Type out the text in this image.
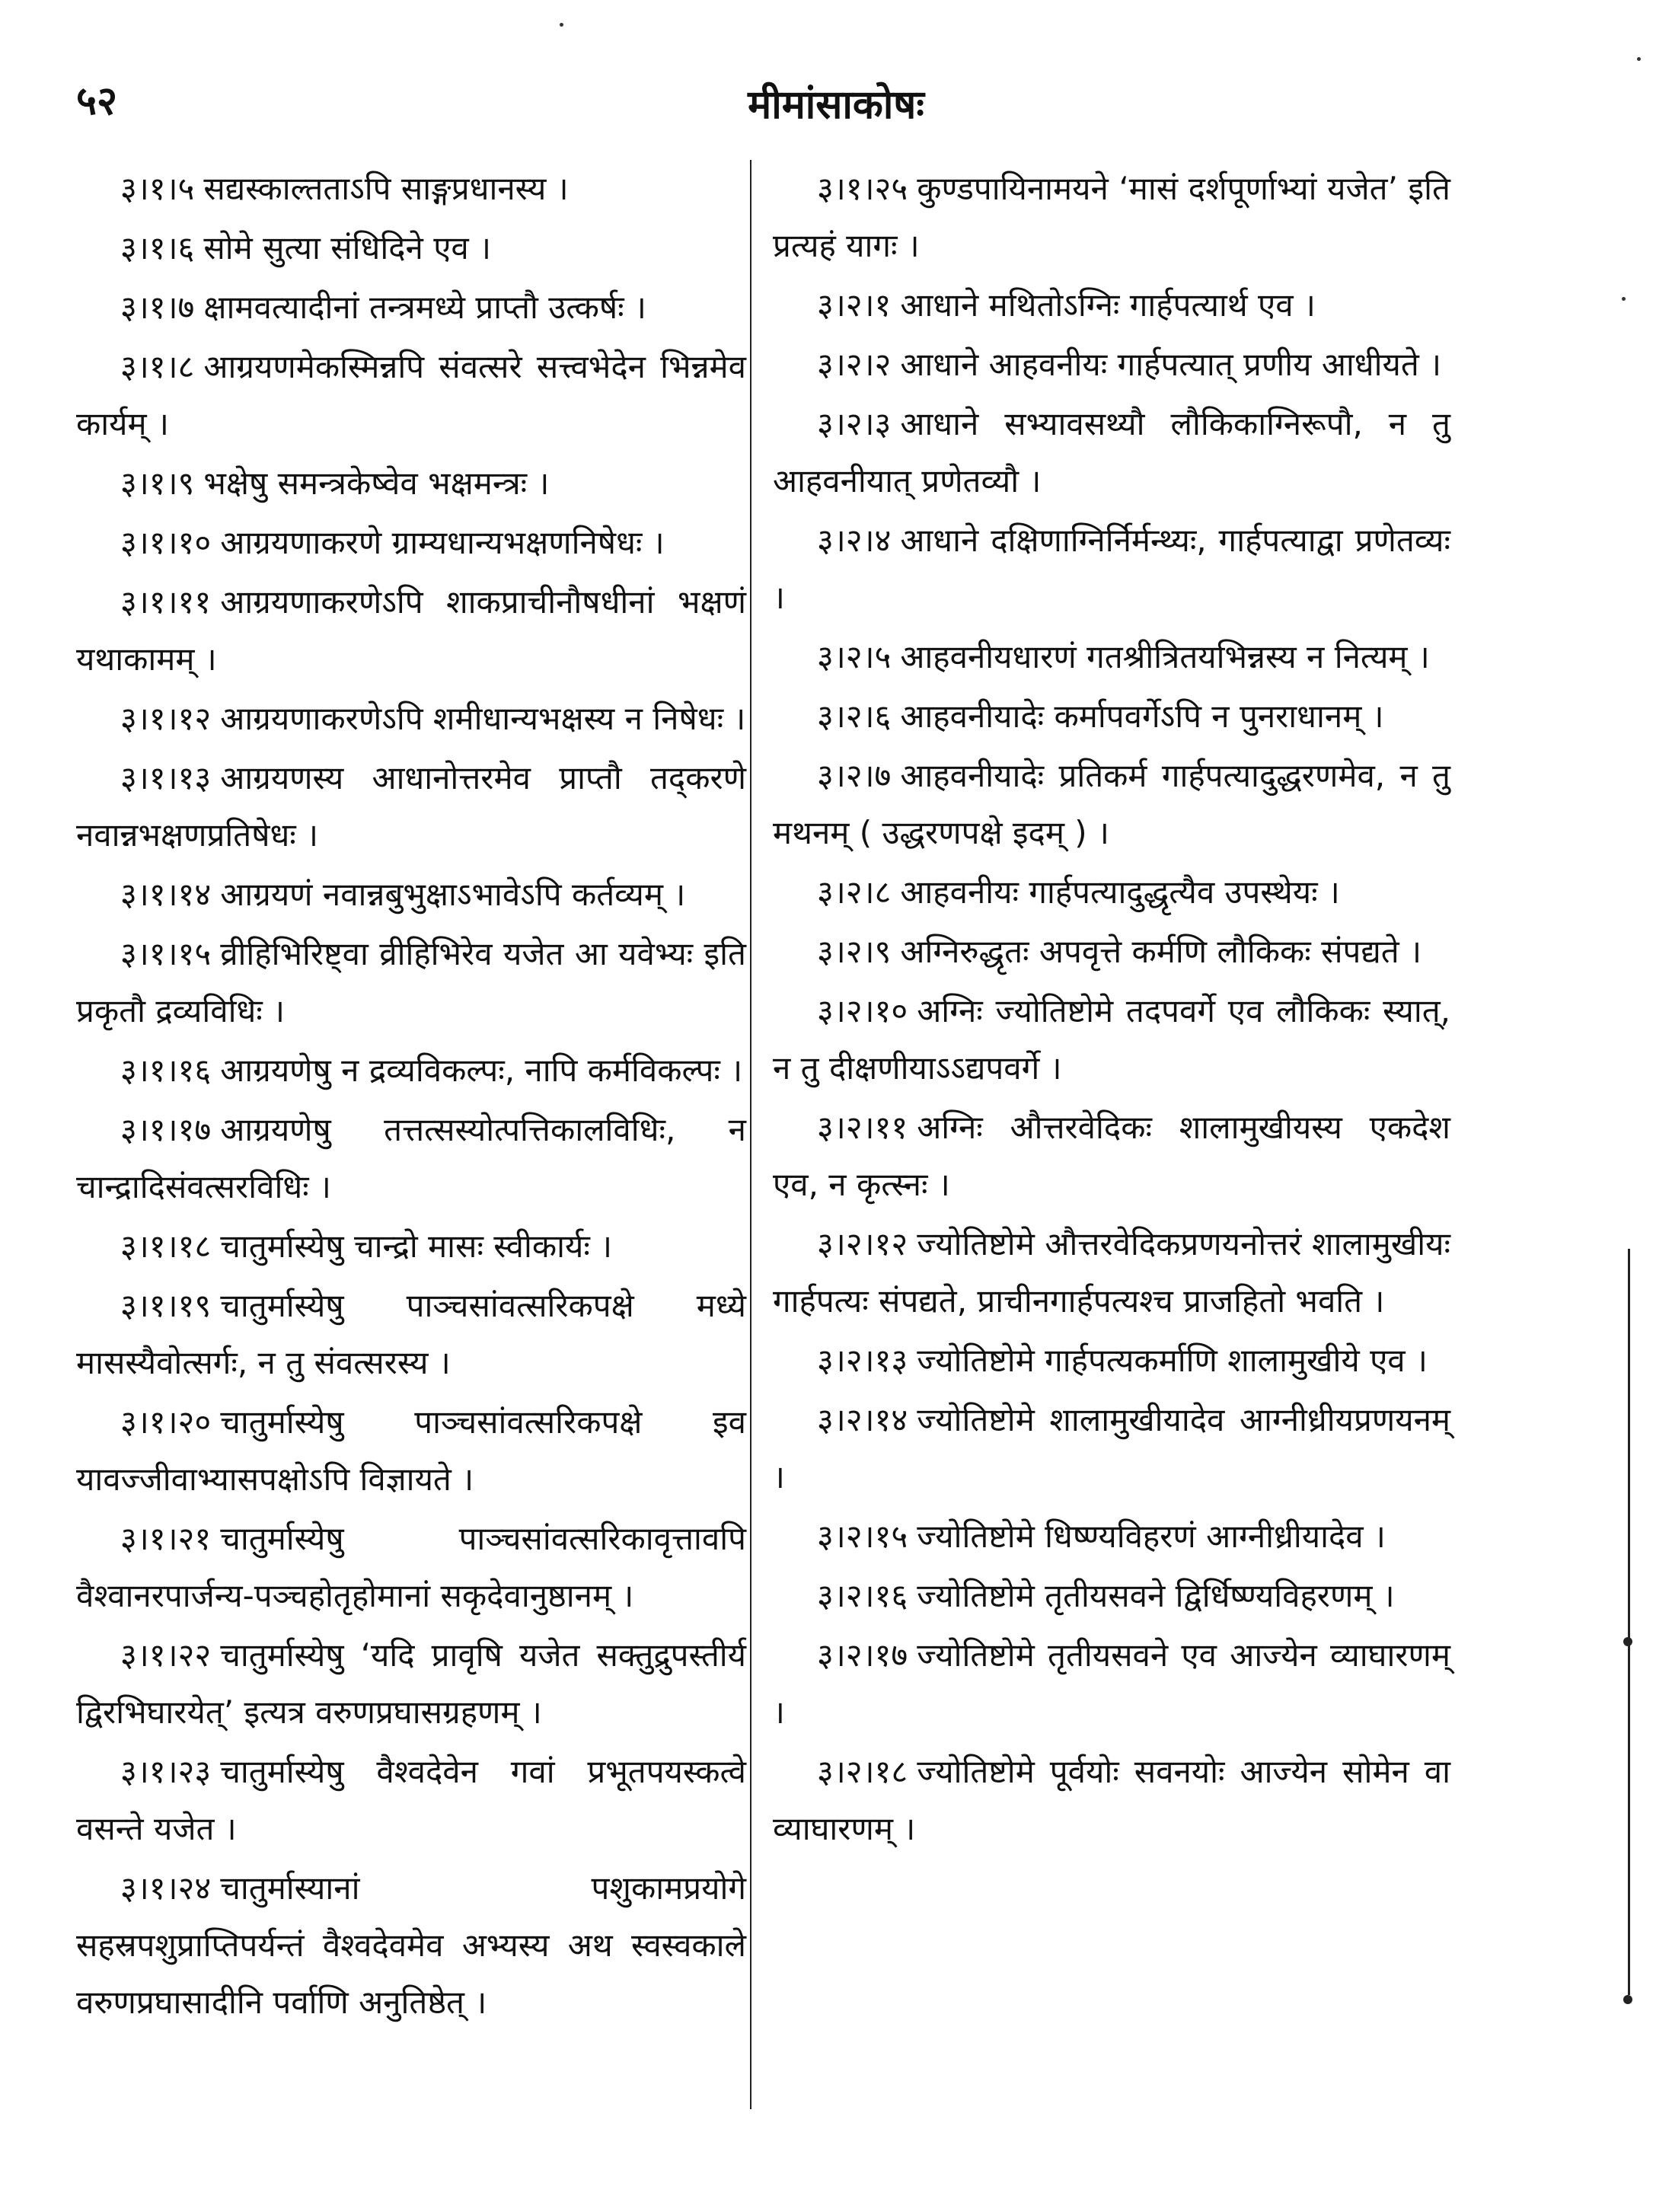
५२	मीमांसाकोषः

३।१।५ सद्यस्काल्तताऽपि साङ्गप्रधानस्य ।

३।१।६ सोमे सुत्या संधिदिने एव ।

३।१।७ क्षामवत्यादीनां तन्त्रमध्ये प्राप्तौ उत्कर्षः ।

३।१।८ आग्रयणमेकस्मिन्नपि संवत्सरे सत्त्वभेदेन भिन्नमेव कार्यम् ।

३।१।९ भक्षेषु समन्त्रकेष्वेव भक्षमन्त्रः ।

३।१।१० आग्रयणाकरणे ग्राम्यधान्यभक्षणनिषेधः ।

३।१।११ आग्रयणाकरणेऽपि शाकप्राचीनौषधीनां भक्षणं यथाकामम् ।

३।१।१२ आग्रयणाकरणेऽपि शमीधान्यभक्षस्य न निषेधः ।

३।१।१३ आग्रयणस्य आधानोत्तरमेव प्राप्तौ तद्करणे नवान्नभक्षणप्रतिषेधः ।

३।१।१४ आग्रयणं नवान्नबुभुक्षाऽभावेऽपि कर्तव्यम् ।

३।१।१५ व्रीहिभिरिष्ट्वा व्रीहिभिरेव यजेत आ यवेभ्यः इति प्रकृतौ द्रव्यविधिः ।

३।१।१६ आग्रयणेषु न द्रव्यविकल्पः, नापि कर्मविकल्पः ।

३।१।१७ आग्रयणेषु तत्तत्सस्योत्पत्तिकालविधिः, न चान्द्रादिसंवत्सरविधिः ।

३।१।१८ चातुर्मास्येषु चान्द्रो मासः स्वीकार्यः ।

३।१।१९ चातुर्मास्येषु पाञ्चसांवत्सरिकपक्षे मध्ये मासस्यैवोत्सर्गः, न तु संवत्सरस्य ।

३।१।२० चातुर्मास्येषु पाञ्चसांवत्सरिकपक्षे इव यावज्जीवाभ्यासपक्षोऽपि विज्ञायते ।

३।१।२१ चातुर्मास्येषु पाञ्चसांवत्सरिकावृत्तावपि वैश्वानरपार्जन्य-पञ्चहोतृहोमानां सकृदेवानुष्ठानम् ।

३।१।२२ चातुर्मास्येषु ‘यदि प्रावृषि यजेत सक्तुद्रुपस्तीर्य द्विरभिघारयेत्’ इत्यत्र वरुणप्रघासग्रहणम् ।

३।१।२३ चातुर्मास्येषु वैश्वदेवेन गवां प्रभूतपयस्कत्वे वसन्ते यजेत ।

३।१।२४ चातुर्मास्यानां पशुकामप्रयोगे सहस्रपशुप्राप्तिपर्यन्तं वैश्वदेवमेव अभ्यस्य अथ स्वस्वकाले वरुणप्रघासादीनि पर्वाणि अनुतिष्ठेत् ।

३।१।२५ कुण्डपायिनामयने ‘मासं दर्शपूर्णाभ्यां यजेत’ इति प्रत्यहं यागः ।

३।२।१ आधाने मथितोऽग्निः गार्हपत्यार्थ एव ।

३।२।२ आधाने आहवनीयः गार्हपत्यात् प्रणीय आधीयते ।

३।२।३ आधाने सभ्यावसथ्यौ लौकिकाग्निरूपौ, न तु आहवनीयात् प्रणेतव्यौ ।

३।२।४ आधाने दक्षिणाग्निर्निर्मन्थ्यः, गार्हपत्याद्वा प्रणेतव्यः ।

३।२।५ आहवनीयधारणं गतश्रीत्रितयभिन्नस्य न नित्यम् ।

३।२।६ आहवनीयादेः कर्मापवर्गेऽपि न पुनराधानम् ।

३।२।७ आहवनीयादेः प्रतिकर्म गार्हपत्यादुद्धरणमेव, न तु मथनम् ( उद्धरणपक्षे इदम् ) ।

३।२।८ आहवनीयः गार्हपत्यादुद्धृत्यैव उपस्थेयः ।

३।२।९ अग्निरुद्धृतः अपवृत्ते कर्मणि लौकिकः संपद्यते ।

३।२।१० अग्निः ज्योतिष्टोमे तदपवर्गे एव लौकिकः स्यात्, न तु दीक्षणीयाऽऽद्यपवर्गे ।

३।२।११ अग्निः औत्तरवेदिकः शालामुखीयस्य एकदेश एव, न कृत्स्नः ।

३।२।१२ ज्योतिष्टोमे औत्तरवेदिकप्रणयनोत्तरं शालामुखीयः गार्हपत्यः संपद्यते, प्राचीनगार्हपत्यश्च प्राजहितो भवति ।

३।२।१३ ज्योतिष्टोमे गार्हपत्यकर्माणि शालामुखीये एव ।

३।२।१४ ज्योतिष्टोमे शालामुखीयादेव आग्नीध्रीयप्रणयनम् ।

३।२।१५ ज्योतिष्टोमे धिष्ण्यविहरणं आग्नीध्रीयादेव ।

३।२।१६ ज्योतिष्टोमे तृतीयसवने द्विर्धिष्ण्यविहरणम् ।

३।२।१७ ज्योतिष्टोमे तृतीयसवने एव आज्येन व्याघारणम् ।

३।२।१८ ज्योतिष्टोमे पूर्वयोः सवनयोः आज्येन सोमेन वा व्याघारणम् ।
